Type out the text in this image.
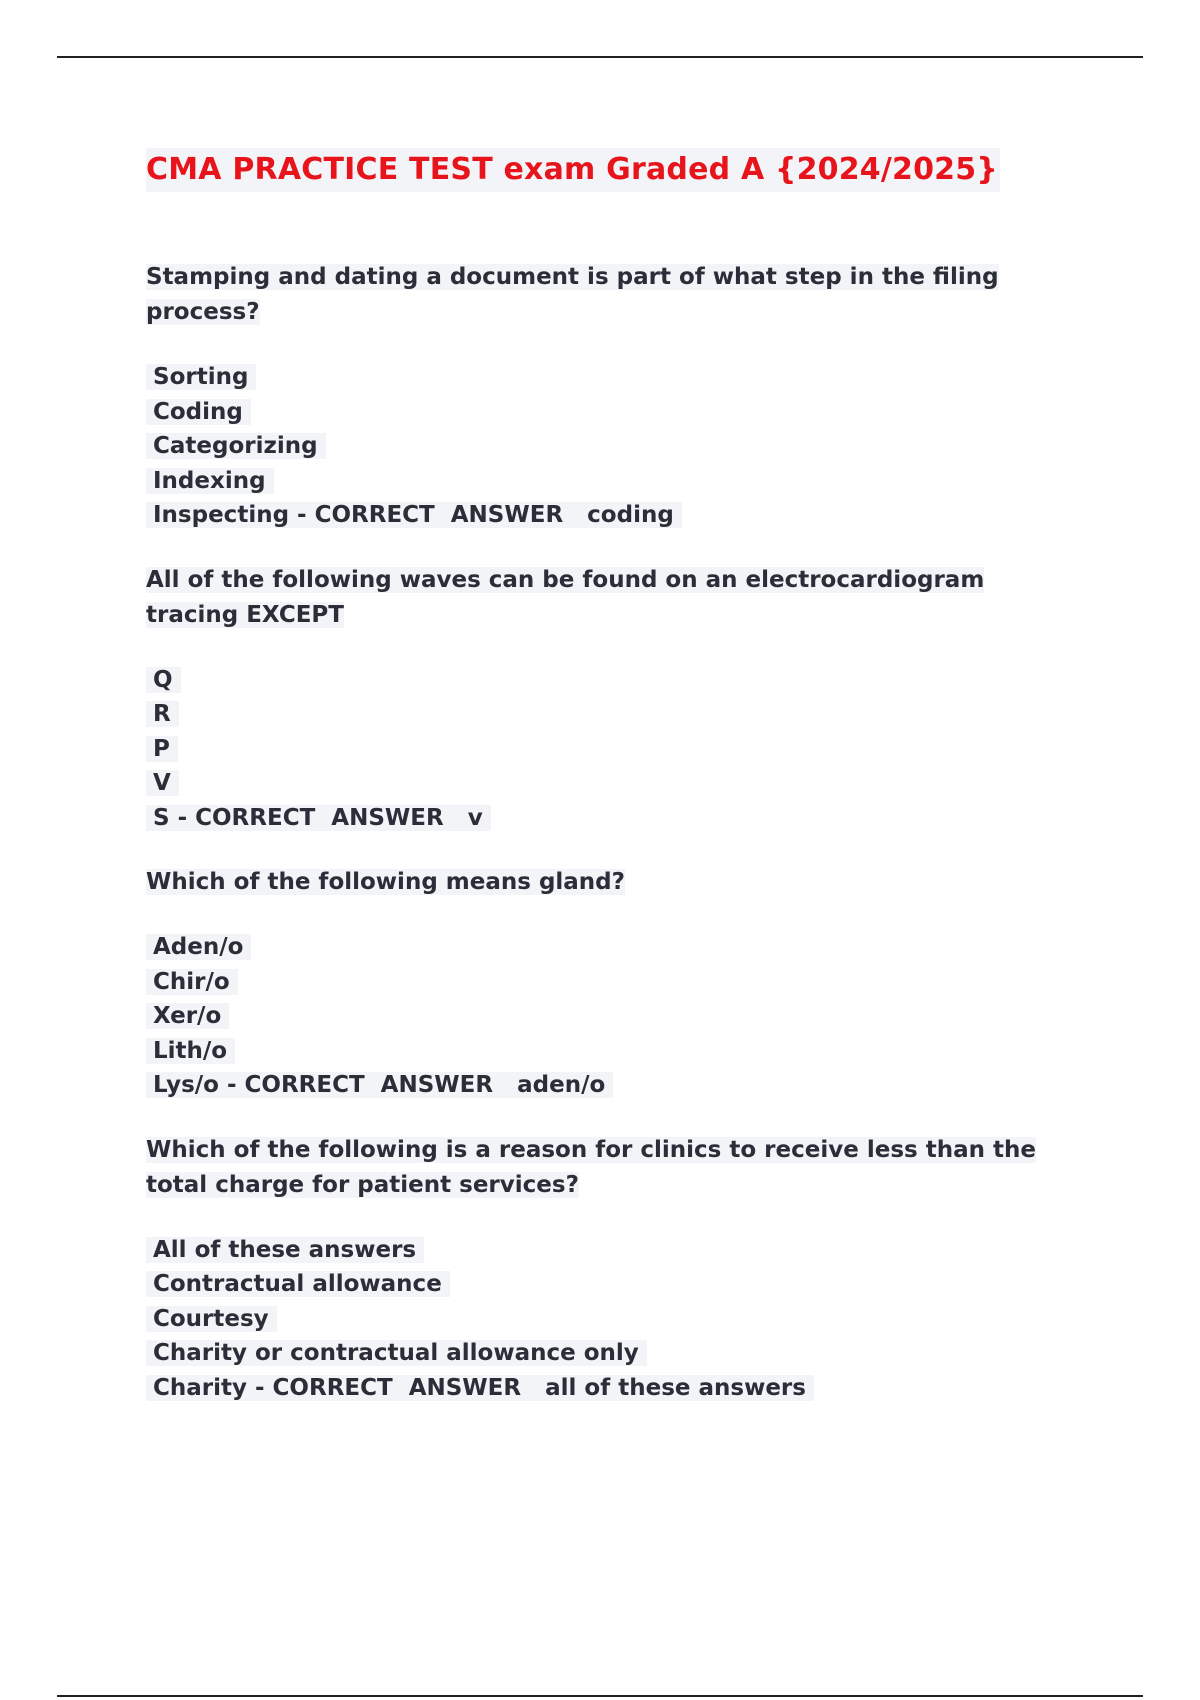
CMA PRACTICE TEST exam Graded A {2024/2025}
Stamping and dating a document is part of what step in the filing process?
Sorting
Coding
Categorizing
Indexing
Inspecting - CORRECT  ANSWER   coding
All of the following waves can be found on an electrocardiogram tracing EXCEPT
Q
R
P
V
S - CORRECT  ANSWER   v
Which of the following means gland?
Aden/o
Chir/o
Xer/o
Lith/o
Lys/o - CORRECT  ANSWER   aden/o
Which of the following is a reason for clinics to receive less than the total charge for patient services?
All of these answers
Contractual allowance
Courtesy
Charity or contractual allowance only
Charity - CORRECT  ANSWER   all of these answers
